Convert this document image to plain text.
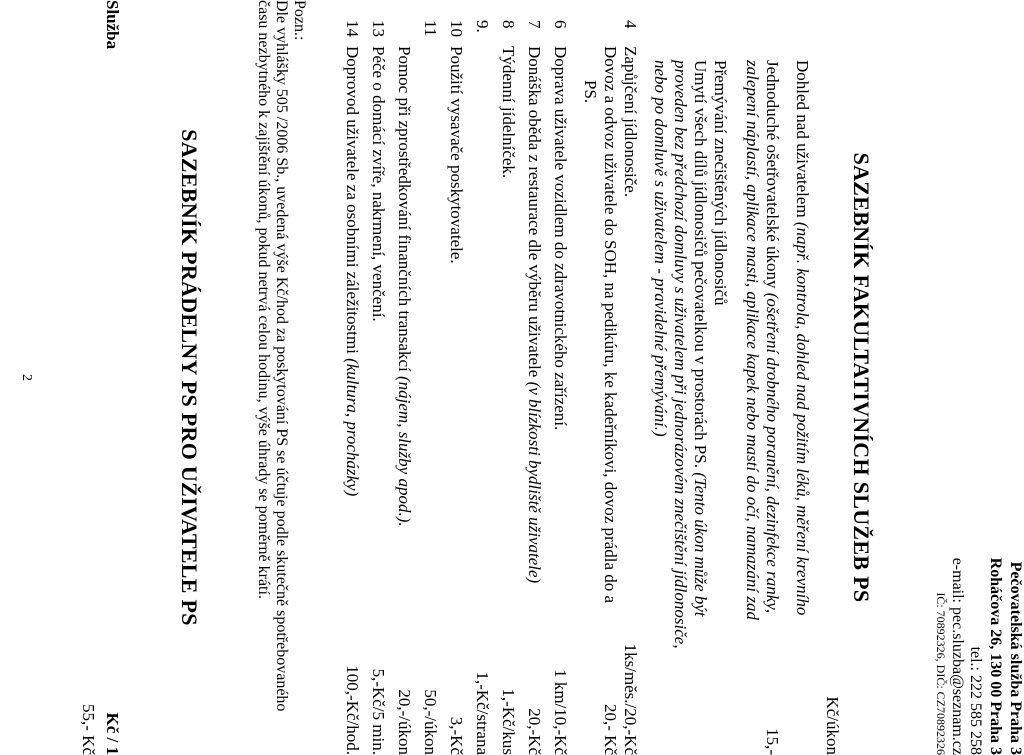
Pečovatelská služba Praha 3
Roháčova 26, 130 00 Praha 3
tel.: 222 585 258
e-mail: pec.sluzba@seznam.cz
IČ: 70892326, DIČ: CZ70892326
SAZEBNÍK FAKULTATIVNÍCH SLUŽEB PS
Kč/úkon
Dohled nad uživatelem (např. kontrola, dohled nad požitím léků, měření krevního
Jednoduché ošetřovatelské úkony (ošetření drobného poranění, dezinfekce ranky,
15,-
zalepení náplastí, aplikace masti, aplikace kapek nebo mastí do očí, namazání zad
Přemývání znečištěných jídlonosičů
Umytí všech dílů jídlonosičů pečovatelkou v prostorách PS. (Tento úkon může být
proveden bez předchozí domluvy s uživatelem při jednorázovém znečištění jídlonosiče,
nebo po domluvě s uživatelem - pravidelné přemývání.)
4Zapůjčení jídlonosiče.
1ks/měs./20,-Kč
Dovoz a odvoz uživatele do SOH, na pedikúru, ke kadeřníkovi, dovoz prádla do a
20,- Kč
PS.
6Doprava uživatele vozidlem do zdravotnického zařízení.
1 km/10,-Kč
7Donáška oběda z restaurace dle výběru uživatele (v blízkosti bydliště uživatele)
20,-Kč
8Týdenní jídelníček.
1,-Kč/kus
9.
1,-Kč/strana
10Použití vysavače poskytovatele.
3,-Kč
11
50,-/úkon
Pomoc při zprostředkování finančních transakcí (nájem, služby apod.).
20,-/úkon
13Péče o domácí zvíře, nakrmení, venčení.
5,-Kč/5 min.
14Doprovod uživatele za osobními záležitostmi (kultura, procházky)
100,-Kč/hod.
Pozn.:
Dle vyhlášky 505 /2006 Sb., uvedená výše Kč/hod za poskytování PS se účtuje podle skutečně spotřebovaného
času nezbytného k zajištění úkonů, pokud netrvá celou hodinu, výše úhrady se poměrně krátí.
SAZEBNÍK PRÁDELNY PS PRO UŽIVATELE PS
Služba
Kč / 1
55,- Kč
2
